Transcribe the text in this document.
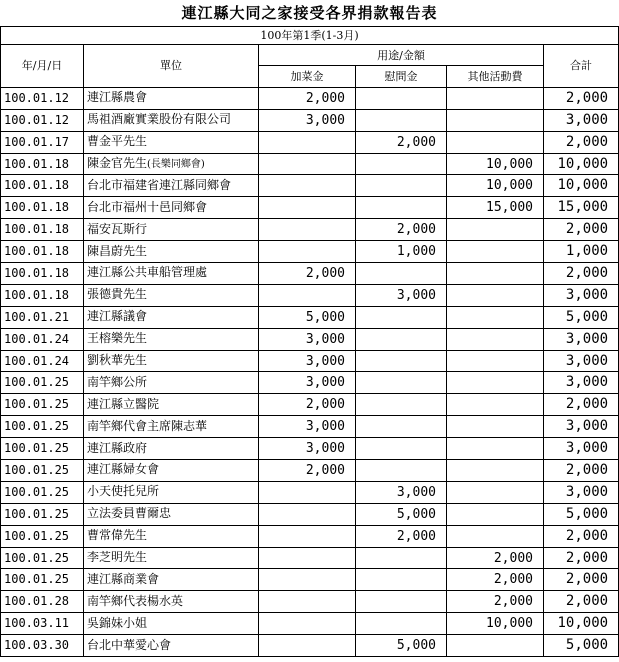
連江縣大同之家接受各界捐款報告表					
100年第1季(1-3月)					
年/月/日	單位	用途/金額			合計
		加菜金	慰問金	其他活動費	
100.01.12	連江縣農會	2,000			2,000
100.01.12	馬祖酒廠實業股份有限公司	3,000			3,000
100.01.17	曹金平先生		2,000		2,000
100.01.18	陳金官先生(長樂同鄉會)			10,000	10,000
100.01.18	台北市福建省連江縣同鄉會			10,000	10,000
100.01.18	台北市福州十邑同鄉會			15,000	15,000
100.01.18	福安瓦斯行		2,000		2,000
100.01.18	陳昌蔚先生		1,000		1,000
100.01.18	連江縣公共車船管理處	2,000			2,000
100.01.18	張德貴先生		3,000		3,000
100.01.21	連江縣議會	5,000			5,000
100.01.24	王榕樂先生	3,000			3,000
100.01.24	劉秋華先生	3,000			3,000
100.01.25	南竿鄉公所	3,000			3,000
100.01.25	連江縣立醫院	2,000			2,000
100.01.25	南竿鄉代會主席陳志華	3,000			3,000
100.01.25	連江縣政府	3,000			3,000
100.01.25	連江縣婦女會	2,000			2,000
100.01.25	小天使托兒所		3,000		3,000
100.01.25	立法委員曹爾忠		5,000		5,000
100.01.25	曹常偉先生		2,000		2,000
100.01.25	李芝明先生			2,000	2,000
100.01.25	連江縣商業會			2,000	2,000
100.01.28	南竿鄉代表楊水英			2,000	2,000
100.03.11	吳錦妹小姐			10,000	10,000
100.03.30	台北中華愛心會		5,000		5,000
